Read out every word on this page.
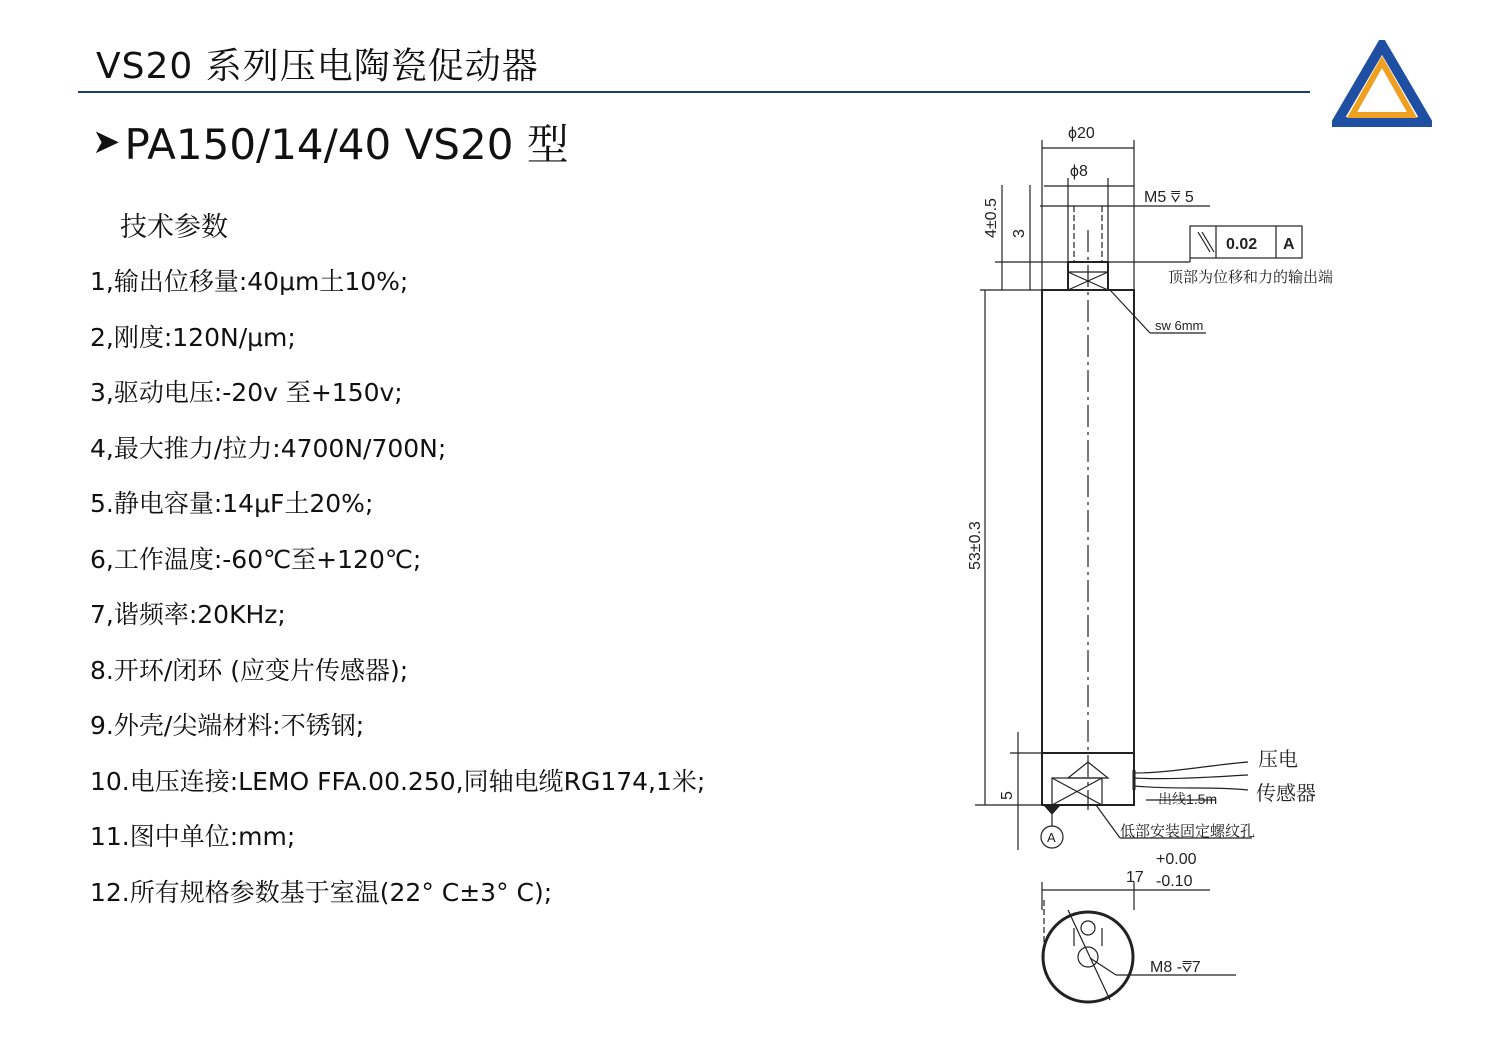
VS20 系列压电陶瓷促动器
➤ PA150/14/40 VS20 型
技术参数
1,输出位移量:40μm土10%;
2,刚度:120N/μm;
3,驱动电压:-20v 至+150v;
4,最大推力/拉力:4700N/700N;
5.静电容量:14μF土20%;
6,工作温度:-60℃至+120℃;
7,谐频率:20KHz;
8.开环/闭环 (应变片传感器);
9.外壳/尖端材料:不锈钢;
10.电压连接:LEMO FFA.00.250,同轴电缆RG174,1米;
11.图中单位:mm;
12.所有规格参数基于室温(22° C±3° C);
ϕ20
ϕ8
M5 ⩢ 5
4±0.5 3
0.02 A
顶部为位移和力的输出端
sw 6mm
53±0.3
5
压电
传感器
出线1.5m
A	低部安装固定螺纹孔
17
+0.00
-0.10
M8 -⩢7
